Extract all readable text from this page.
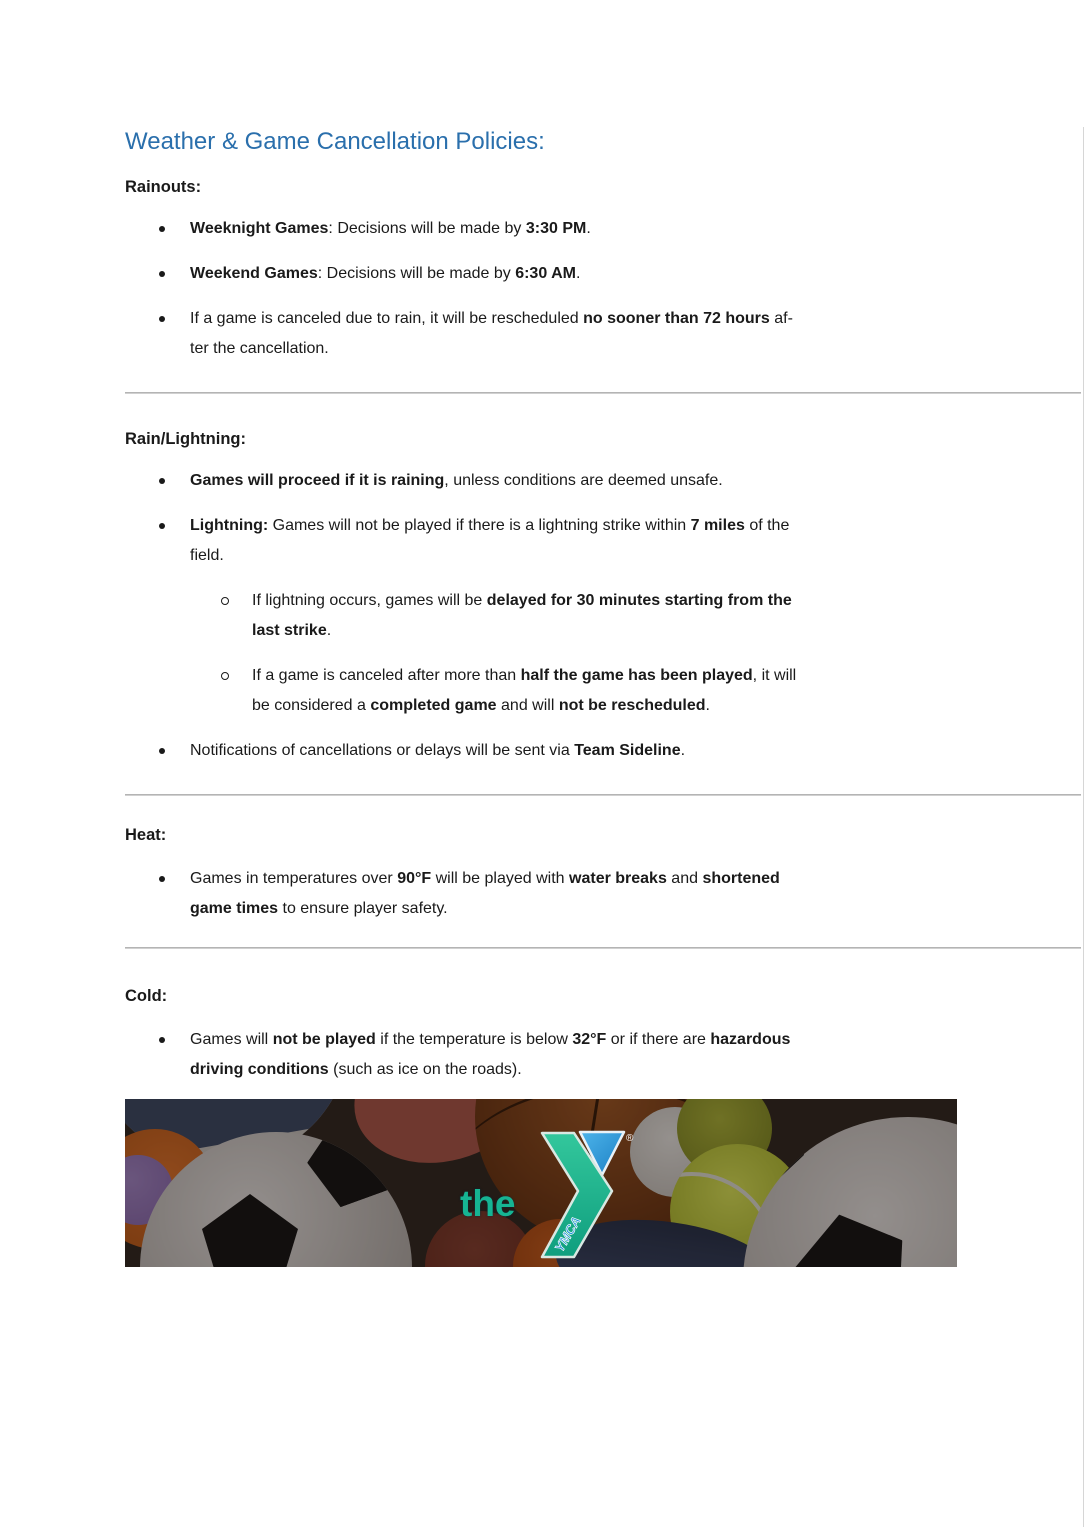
Weather & Game Cancellation Policies:
Rainouts:
Weeknight Games: Decisions will be made by 3:30 PM.
Weekend Games: Decisions will be made by 6:30 AM.
If a game is canceled due to rain, it will be rescheduled no sooner than 72 hours af-
ter the cancellation.
Rain/Lightning:
Games will proceed if it is raining, unless conditions are deemed unsafe.
Lightning: Games will not be played if there is a lightning strike within 7 miles of the
field.
If lightning occurs, games will be delayed for 30 minutes starting from the
last strike.
If a game is canceled after more than half the game has been played, it will
be considered a completed game and will not be rescheduled.
Notifications of cancellations or delays will be sent via Team Sideline.
Heat:
Games in temperatures over 90°F will be played with water breaks and shortened
game times to ensure player safety.
Cold:
Games will not be played if the temperature is below 32°F or if there are hazardous
driving conditions (such as ice on the roads).
the
YMCA
®
